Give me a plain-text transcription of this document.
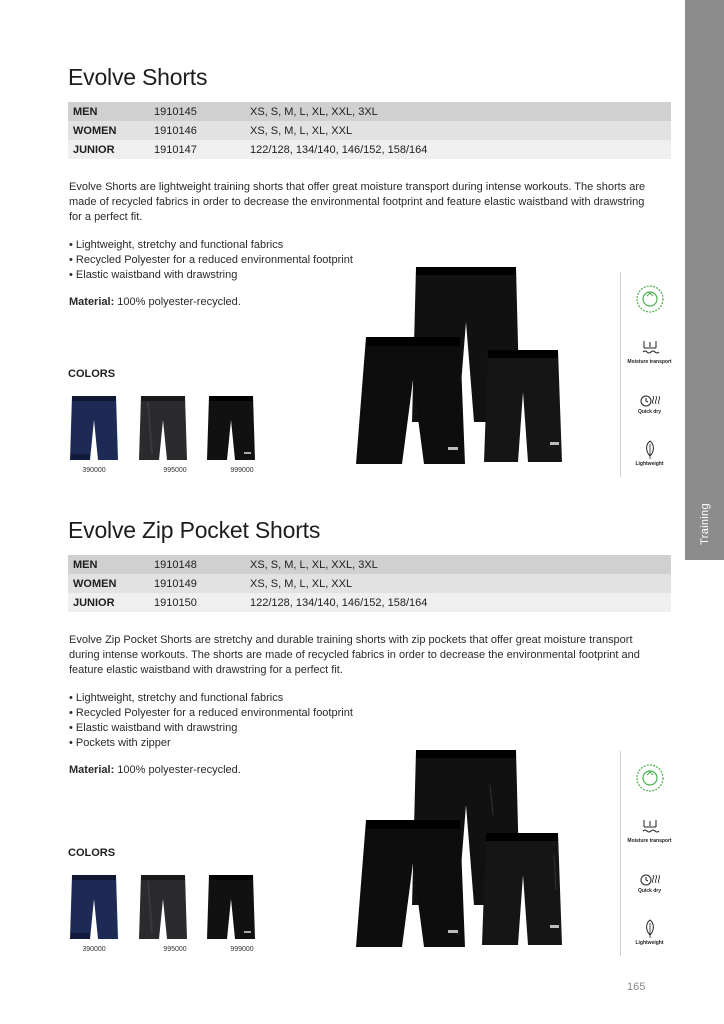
Training
Evolve Shorts
MEN	1910145	XS, S, M, L, XL, XXL, 3XL
WOMEN	1910146	XS, S, M, L, XL, XXL
JUNIOR	1910147	122/128, 134/140, 146/152, 158/164

Evolve Shorts are lightweight training shorts that offer great moisture transport during intense workouts. The shorts are made of recycled fabrics in order to decrease the environmental footprint and feature elastic waistband with drawstring for a perfect fit.

• Lightweight, stretchy and functional fabrics
• Recycled Polyester for a reduced environmental footprint
• Elastic waistband with drawstring

Material: 100% polyester-recycled.

COLORS
390000	995000	999000
Moisture transport
Quick dry
Lightweight
Evolve Zip Pocket Shorts
MEN	1910148	XS, S, M, L, XL, XXL, 3XL
WOMEN	1910149	XS, S, M, L, XL, XXL
JUNIOR	1910150	122/128, 134/140, 146/152, 158/164

Evolve Zip Pocket Shorts are stretchy and durable training shorts with zip pockets that offer great moisture transport during intense workouts. The shorts are made of recycled fabrics in order to decrease the environmental footprint and feature elastic waistband with drawstring for a perfect fit.

• Lightweight, stretchy and functional fabrics
• Recycled Polyester for a reduced environmental footprint
• Elastic waistband with drawstring
• Pockets with zipper

Material: 100% polyester-recycled.

COLORS
390000	995000	999000
Moisture transport
Quick dry
Lightweight
165
